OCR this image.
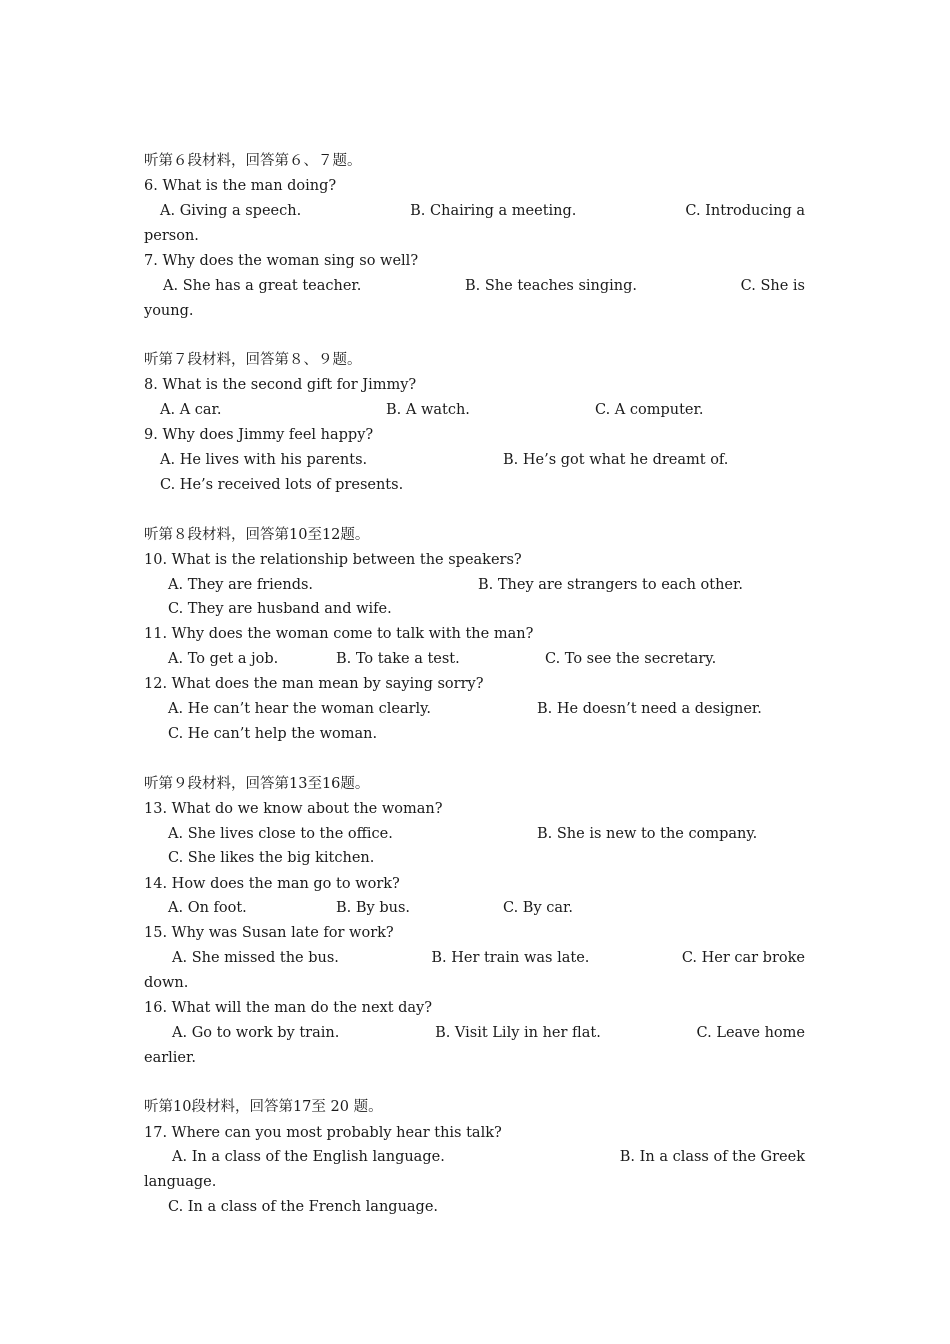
听第６段材料，回答第６、７题。
6. What is the man doing?
A. Giving a speech.	B. Chairing a meeting.	C. Introducing a
person.
7. Why does the woman sing so well?
A. She has a great teacher.	B. She teaches singing.	C. She is
young.
听第７段材料，回答第８、９题。
8. What is the second gift for Jimmy?
A. A car.	B. A watch.	C. A computer.
9. Why does Jimmy feel happy?
A. He lives with his parents.	B. He’s got what he dreamt of.
C. He’s received lots of presents.
听第８段材料，回答第10至12题。
10. What is the relationship between the speakers?
A. They are friends.	B. They are strangers to each other.
C. They are husband and wife.
11. Why does the woman come to talk with the man?
A. To get a job.	B. To take a test.	C. To see the secretary.
12. What does the man mean by saying sorry?
A. He can’t hear the woman clearly.	B. He doesn’t need a designer.
C. He can’t help the woman.
听第９段材料，回答第13至16题。
13. What do we know about the woman?
A. She lives close to the office.	B. She is new to the company.
C. She likes the big kitchen.
14. How does the man go to work?
A. On foot.	B. By bus.	C. By car.
15. Why was Susan late for work?
A. She missed the bus.	B. Her train was late.	C. Her car broke
down.
16. What will the man do the next day?
A. Go to work by train.	B. Visit Lily in her flat.	C. Leave home
earlier.
听第10段材料，回答第17至 20 题。
17. Where can you most probably hear this talk?
A. In a class of the English language.	B. In a class of the Greek
language.
C. In a class of the French language.
